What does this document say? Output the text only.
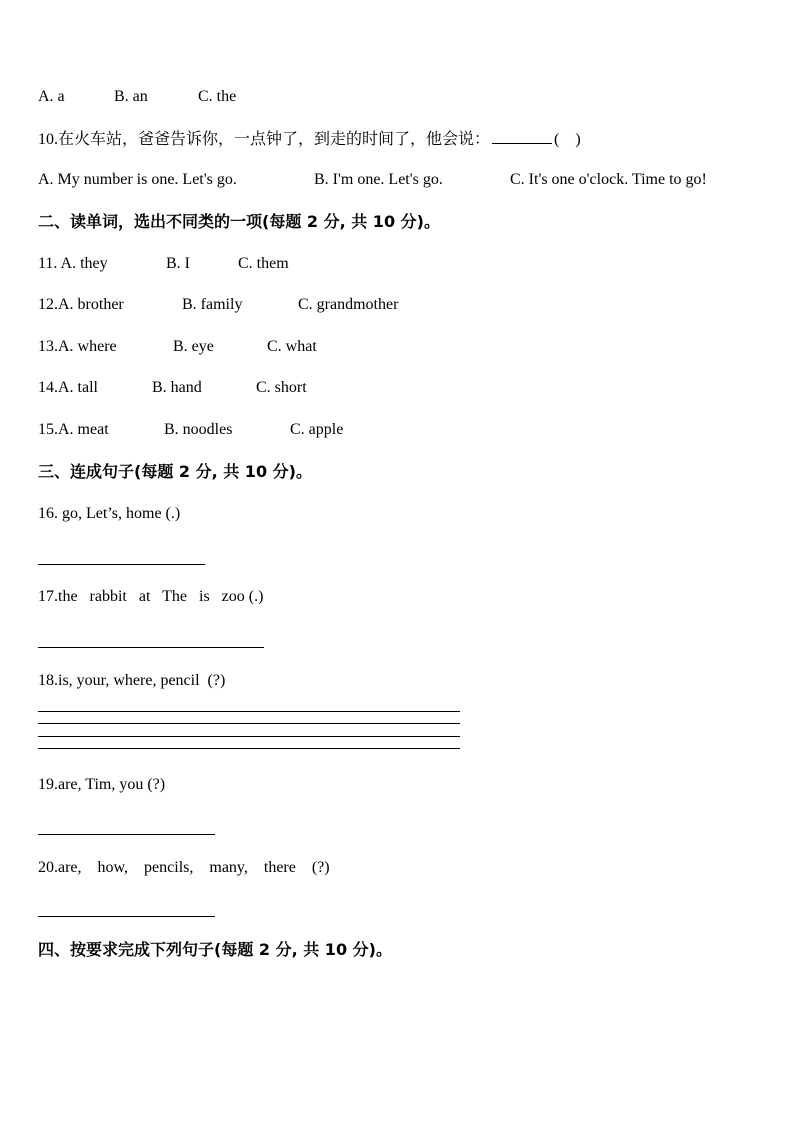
A. a	B. an	C. the
10.在火车站，爸爸告诉你，一点钟了，到走的时间了，他会说：	(    )
A. My number is one. Let's go.	B. I'm one. Let's go.	C. It's one o'clock. Time to go!
二、读单词，选出不同类的一项(每题 2 分, 共 10 分)。
11. A. they	B. I	C. them
12.A. brother	B. family	C. grandmother
13.A. where	B. eye	C. what
14.A. tall	B. hand	C. short
15.A. meat	B. noodles	C. apple
三、连成句子(每题 2 分, 共 10 分)。
16. go, Let’s, home (.)
17.the   rabbit   at   The   is   zoo (.)
18.is, your, where, pencil  (?)
19.are, Tim, you (?)
20.are,    how,    pencils,    many,    there    (?)
四、按要求完成下列句子(每题 2 分, 共 10 分)。
